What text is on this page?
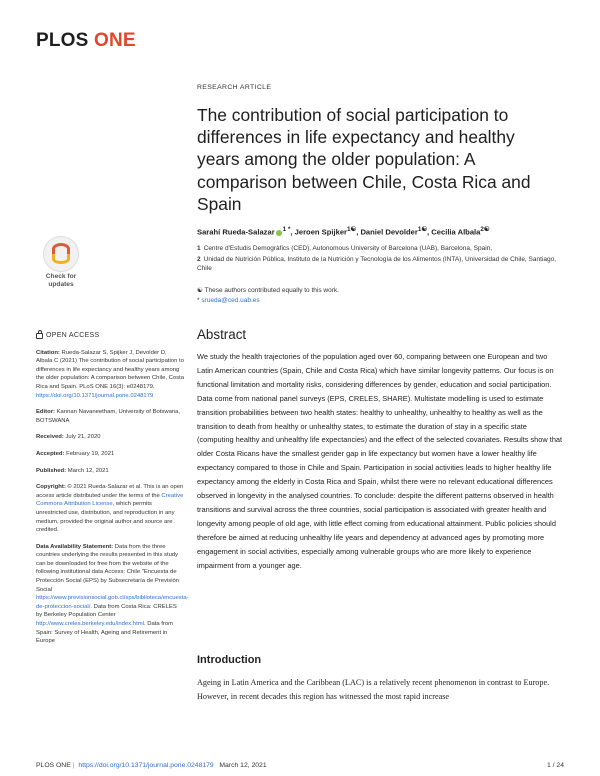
PLOS ONE
RESEARCH ARTICLE
The contribution of social participation to differences in life expectancy and healthy years among the older population: A comparison between Chile, Costa Rica and Spain
Sarahí Rueda-Salazar $^{1 *}$, Jeroen Spijker$^{1☯}$, Daniel Devolder$^{1☯}$, Cecilia Albala$^{2☯}$
1 Centre d'Estudis Demogràfics (CED), Autonomous University of Barcelona (UAB), Barcelona, Spain,
2 Unidad de Nutrición Pública, Instituto de la Nutrición y Tecnología de los Alimentos (INTA), Universidad de Chile, Santiago, Chile
☯ These authors contributed equally to this work.
* srueda@ced.uab.es
Check for
updates
OPEN ACCESS
Citation: Rueda-Salazar S, Spijker J, Devolder D, Albala C (2021) The contribution of social participation to differences in life expectancy and healthy years among the older population: A comparison between Chile, Costa Rica and Spain. PLoS ONE 16(3): e0248179. https://doi.org/10.1371/journal.pone.0248179
Editor: Kannan Navaneetham, University of Botswana, BOTSWANA
Received: July 21, 2020
Accepted: February 19, 2021
Published: March 12, 2021
Copyright: © 2021 Rueda-Salazar et al. This is an open access article distributed under the terms of the Creative Commons Attribution License, which permits unrestricted use, distribution, and reproduction in any medium, provided the original author and source are credited.
Data Availability Statement: Data from the three countries underlying the results presented in this study can be downloaded for free from the website of the following institutional data Access: Chile "Encuesta de Protección Social (EPS) by Subsecretaría de Previsión Social https://www.previsionsocial.gob.cl/sps/biblioteca/encuesta-de-proteccion-social/. Data from Costa Rica: CRELES by Berkeley Population Center http://www.creles.berkeley.edu/index.html. Data from Spain: Survey of Health, Ageing and Retirement in Europe
Abstract

We study the health trajectories of the population aged over 60, comparing between one European and two Latin American countries (Spain, Chile and Costa Rica) which have similar longevity patterns. Our focus is on functional limitation and mortality risks, considering differences by gender, education and social participation. Data come from national panel surveys (EPS, CRELES, SHARE). Multistate modelling is used to estimate transition probabilities between two health states: healthy to unhealthy, unhealthy to healthy as well as the transition to death from healthy or unhealthy states, to estimate the duration of stay in a specific state (computing healthy and unhealthy life expectancies) and the effect of the selected covariates. Results show that older Costa Ricans have the smallest gender gap in life expectancy but women have a lower healthy life expectancy compared to those in Chile and Spain. Participation in social activities leads to higher healthy life expectancy among the elderly in Costa Rica and Spain, whilst there were no relevant educational differences observed in longevity in the analysed countries. To conclude: despite the different patterns observed in health transitions and survival across the three countries, social participation is associated with greater health and longevity among people of old age, with little effect coming from educational attainment. Public policies should therefore be aimed at reducing unhealthy life years and dependency at advanced ages by promoting more engagement in social activities, especially among vulnerable groups who are more likely to experience impairment from a younger age.

Introduction

Ageing in Latin America and the Caribbean (LAC) is a relatively recent phenomenon in contrast to Europe. However, in recent decades this region has witnessed the most rapid increase

PLOS ONE | https://doi.org/10.1371/journal.pone.0248179 March 12, 2021	1 / 24
